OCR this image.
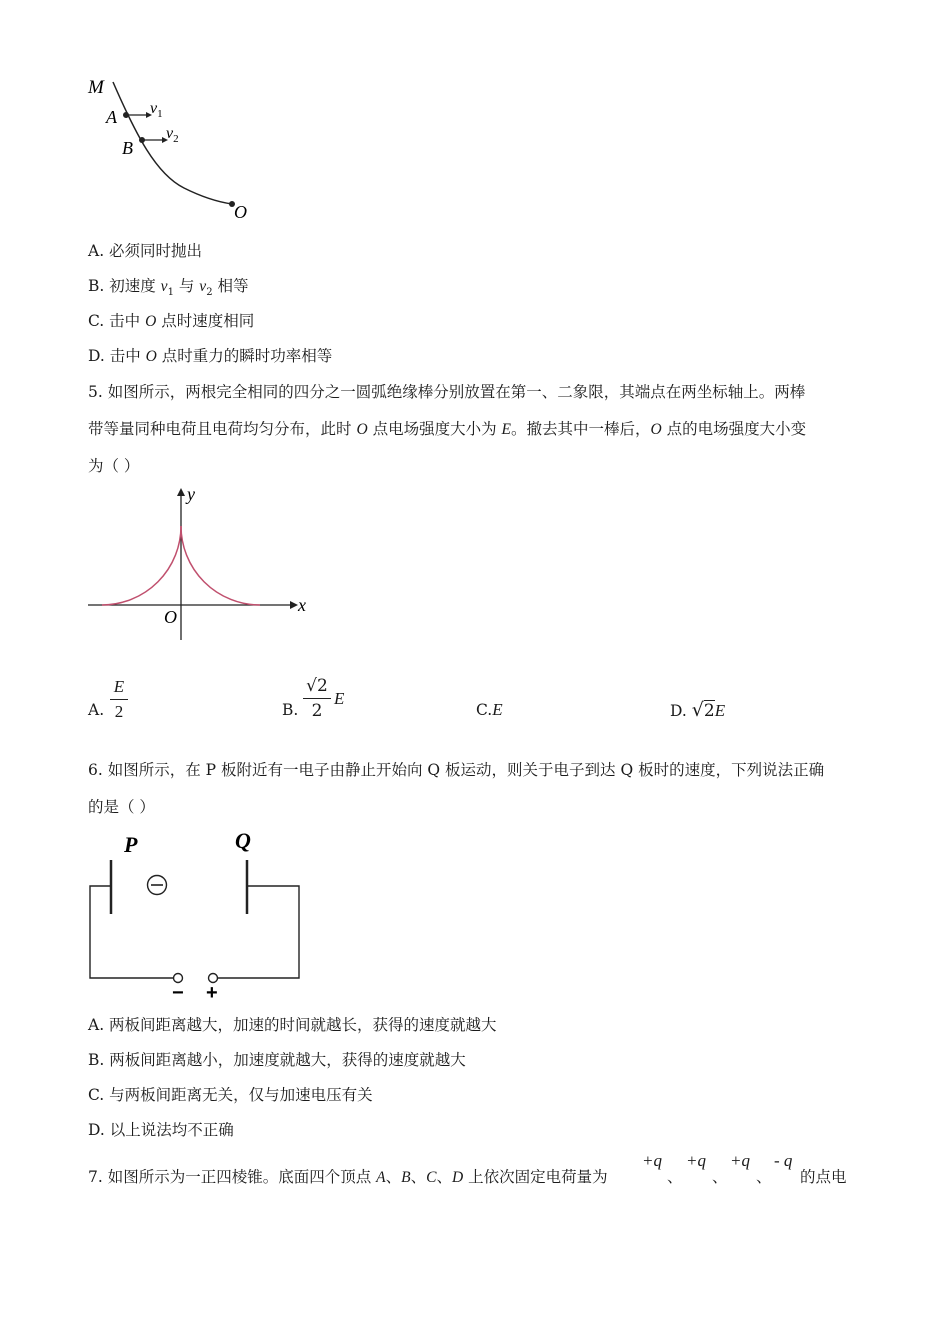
M
A
B
O
$v_1$
$v_2$
A. 必须同时抛出
B. 初速度 $v_1$ 与 $v_2$ 相等
C. 击中 O 点时速度相同
D. 击中 O 点时重力的瞬时功率相等
5. 如图所示，两根完全相同的四分之一圆弧绝缘棒分别放置在第一、二象限，其端点在两坐标轴上。两棒
带等量同种电荷且电荷均匀分布，此时 O 点电场强度大小为 E。撤去其中一棒后，O 点的电场强度大小变
为（ ）
y
x
O
A.
E
2	B.
√2
2
E
C.E	D. √2E
6. 如图所示，在 P 板附近有一电子由静止开始向 Q 板运动，则关于电子到达 Q 板时的速度，下列说法正确
的是（ ）
P	Q
− +
A. 两板间距离越大，加速的时间就越长，获得的速度就越大
B. 两板间距离越小，加速度就越大，获得的速度就越大
C. 与两板间距离无关，仅与加速电压有关
D. 以上说法均不正确
7. 如图所示为一正四棱锥。底面四个顶点 A、B、C、D 上依次固定电荷量为
+q
、
+q
、
+q
、
- q
的点电
